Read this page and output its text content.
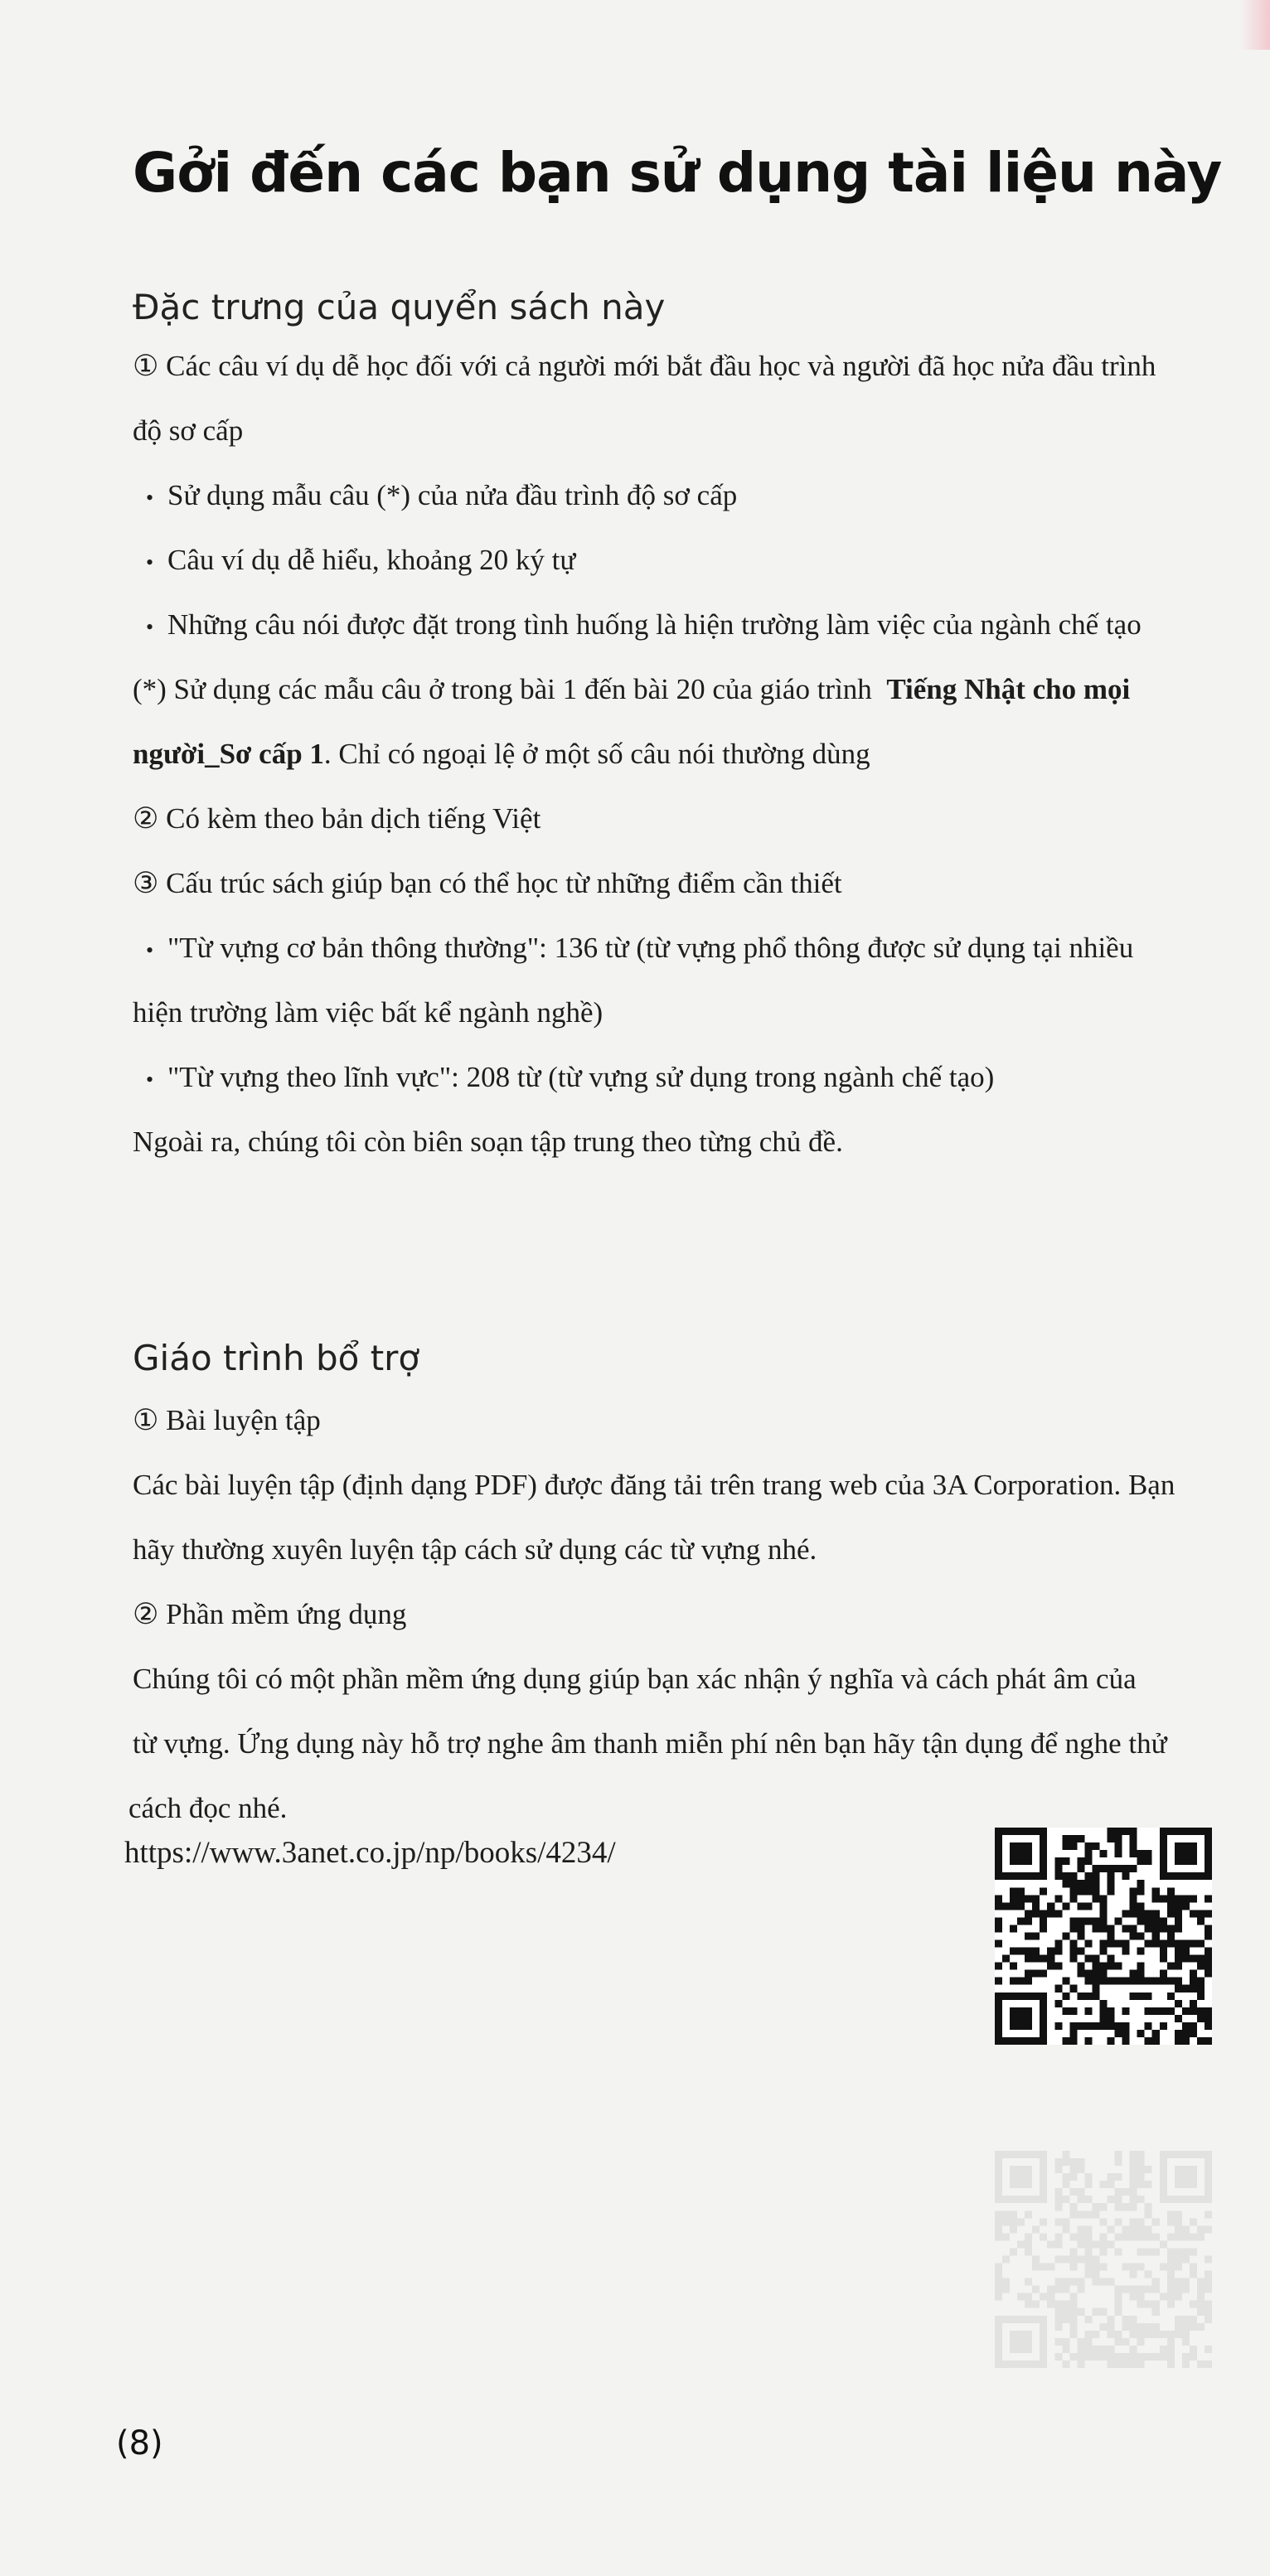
Gởi đến các bạn sử dụng tài liệu này
Đặc trưng của quyển sách này
① Các câu ví dụ dễ học đối với cả người mới bắt đầu học và người đã học nửa đầu trình
độ sơ cấp
• Sử dụng mẫu câu (*) của nửa đầu trình độ sơ cấp
• Câu ví dụ dễ hiểu, khoảng 20 ký tự
• Những câu nói được đặt trong tình huống là hiện trường làm việc của ngành chế tạo
(*) Sử dụng các mẫu câu ở trong bài 1 đến bài 20 của giáo trình Tiếng Nhật cho mọi
người_Sơ cấp 1. Chỉ có ngoại lệ ở một số câu nói thường dùng
② Có kèm theo bản dịch tiếng Việt
③ Cấu trúc sách giúp bạn có thể học từ những điểm cần thiết
• "Từ vựng cơ bản thông thường": 136 từ (từ vựng phổ thông được sử dụng tại nhiều
hiện trường làm việc bất kể ngành nghề)
• "Từ vựng theo lĩnh vực": 208 từ (từ vựng sử dụng trong ngành chế tạo)
Ngoài ra, chúng tôi còn biên soạn tập trung theo từng chủ đề.
Giáo trình bổ trợ
① Bài luyện tập
Các bài luyện tập (định dạng PDF) được đăng tải trên trang web của 3A Corporation. Bạn
hãy thường xuyên luyện tập cách sử dụng các từ vựng nhé.
② Phần mềm ứng dụng
Chúng tôi có một phần mềm ứng dụng giúp bạn xác nhận ý nghĩa và cách phát âm của
từ vựng. Ứng dụng này hỗ trợ nghe âm thanh miễn phí nên bạn hãy tận dụng để nghe thử
cách đọc nhé.
https://www.3anet.co.jp/np/books/4234/
(8)
